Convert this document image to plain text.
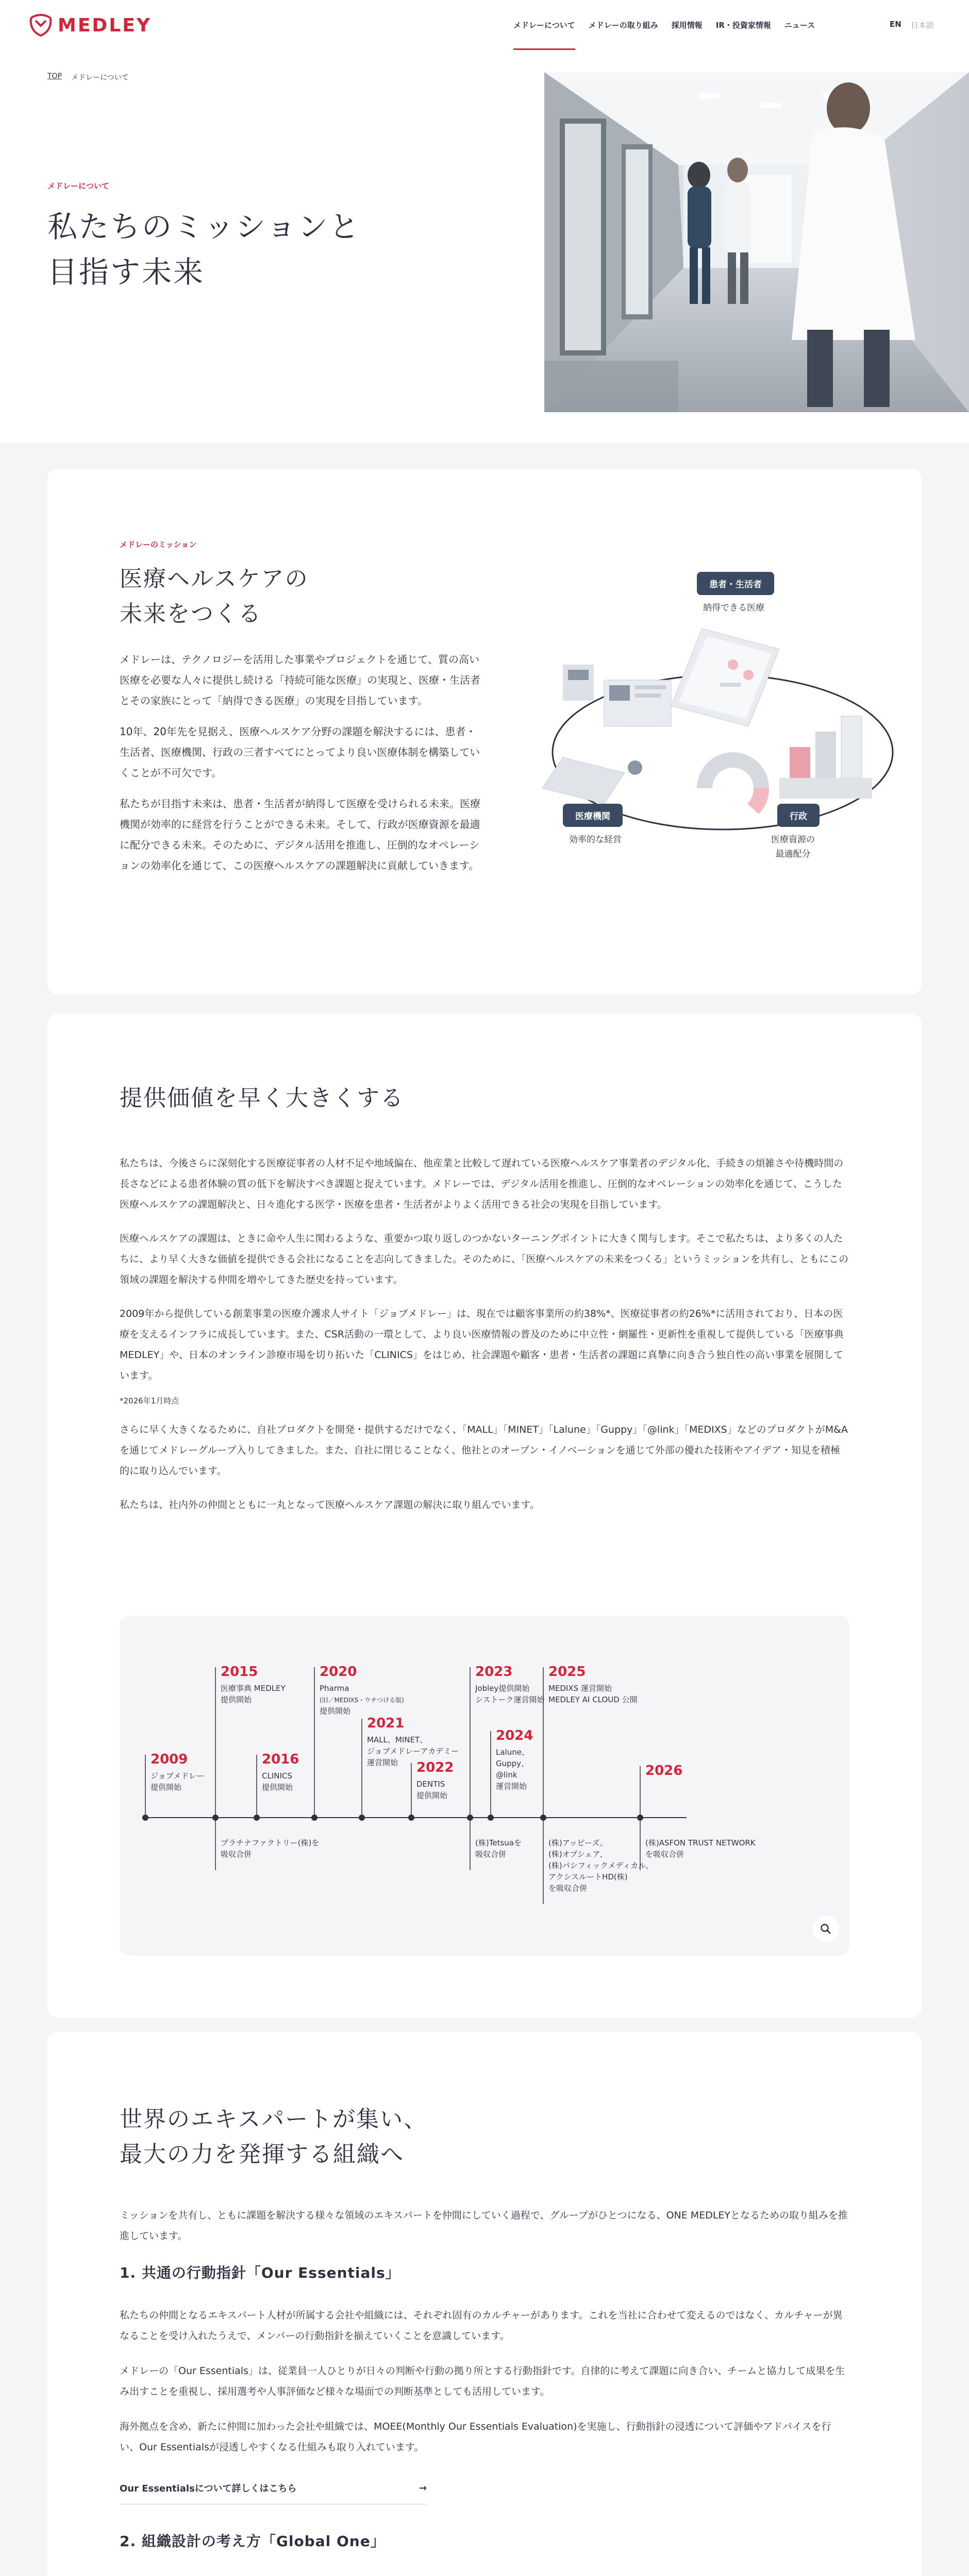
MEDLEY	メドレーについて メドレーの取り組み 採用情報 IR・投資家情報 ニュース	EN 日本語
TOP メドレーについて
メドレーについて
私たちのミッションと
目指す未来
メドレーのミッション
医療ヘルスケアの
未来をつくる

メドレーは、テクノロジーを活用した事業やプロジェクトを通じて、質の高い医療を必要な人々に提供し続ける「持続可能な医療」の実現と、医療・生活者とその家族にとって「納得できる医療」の実現を目指しています。

10年、20年先を見据え、医療ヘルスケア分野の課題を解決するには、患者・生活者、医療機関、行政の三者すべてにとってより良い医療体制を構築していくことが不可欠です。

私たちが目指す未来は、患者・生活者が納得して医療を受けられる未来。医療機関が効率的に経営を行うことができる未来。そして、行政が医療資源を最適に配分できる未来。そのために、デジタル活用を推進し、圧倒的なオペレーションの効率化を通じて、この医療ヘルスケアの課題解決に貢献していきます。

患者・生活者
納得できる医療
医療機関
効率的な経営
行政
医療資源の
最適配分
提供価値を早く大きくする

私たちは、今後さらに深刻化する医療従事者の人材不足や地域偏在、他産業と比較して遅れている医療ヘルスケア事業者のデジタル化、手続きの煩雑さや待機時間の長さなどによる患者体験の質の低下を解決すべき課題と捉えています。メドレーでは、デジタル活用を推進し、圧倒的なオペレーションの効率化を通じて、こうした医療ヘルスケアの課題解決と、日々進化する医学・医療を患者・生活者がよりよく活用できる社会の実現を目指しています。

医療ヘルスケアの課題は、ときに命や人生に関わるような、重要かつ取り返しのつかないターニングポイントに大きく関与します。そこで私たちは、より多くの人たちに、より早く大きな価値を提供できる会社になることを志向してきました。そのために、「医療ヘルスケアの未来をつくる」というミッションを共有し、ともにこの領域の課題を解決する仲間を増やしてきた歴史を持っています。

2009年から提供している創業事業の医療介護求人サイト「ジョブメドレー」は、現在では顧客事業所の約38%*、医療従事者の約26%*に活用されており、日本の医療を支えるインフラに成長しています。また、CSR活動の一環として、より良い医療情報の普及のために中立性・網羅性・更新性を重視して提供している「医療事典MEDLEY」や、日本のオンライン診療市場を切り拓いた「CLINICS」をはじめ、社会課題や顧客・患者・生活者の課題に真摯に向き合う独自性の高い事業を展開しています。

*2026年1月時点

さらに早く大きくなるために、自社プロダクトを開発・提供するだけでなく、「MALL」「MINET」「Lalune」「Guppy」「@link」「MEDIXS」などのプロダクトがM&Aを通じてメドレーグループ入りしてきました。また、自社に閉じることなく、他社とのオープン・イノベーションを通じて外部の優れた技術やアイデア・知見を積極的に取り込んでいます。

私たちは、社内外の仲間とともに一丸となって医療ヘルスケア課題の解決に取り組んでいます。

2009
ジョブメドレー
提供開始

2015
医療事典 MEDLEY
提供開始

2016
CLINICS
提供開始

2020
Pharma
(旧／MEDIXS・ウチつける版)
提供開始

2021
MALL、MINET、
ジョブメドレーアカデミー
運営開始	2022
DENTIS
提供開始

2023
Jobley提供開始
シストーク運営開始

2024
Lalune、
Guppy、
@link
運営開始

2025
MEDIXS 運営開始
MEDLEY AI CLOUD 公開

2026
プラチナファクトリー(株)を
吸収合併

(株)Tetsuaを
吸収合併

(株)アッピーズ、
(株)オプシェア、
(株)パシフィックメディカル、
アクシスルートHD(株)
を吸収合併

(株)ASFON TRUST NETWORK
を吸収合併

世界のエキスパートが集い、
最大の力を発揮する組織へ

ミッションを共有し、ともに課題を解決する様々な領域のエキスパートを仲間にしていく過程で、グループがひとつになる、ONE MEDLEYとなるための取り組みを推進しています。

1. 共通の行動指針「Our Essentials」

私たちの仲間となるエキスパート人材が所属する会社や組織には、それぞれ固有のカルチャーがあります。これを当社に合わせて変えるのではなく、カルチャーが異なることを受け入れたうえで、メンバーの行動指針を揃えていくことを意識しています。

メドレーの「Our Essentials」は、従業員一人ひとりが日々の判断や行動の拠り所とする行動指針です。自律的に考えて課題に向き合い、チームと協力して成果を生み出すことを重視し、採用選考や人事評価など様々な場面での判断基準としても活用しています。

海外拠点を含め、新たに仲間に加わった会社や組織では、MOEE(Monthly Our Essentials Evaluation)を実施し、行動指針の浸透について評価やアドバイスを行い、Our Essentialsが浸透しやすくなる仕組みも取り入れています。

Our Essentialsについて詳しくはこちら	→
2. 組織設計の考え方「Global One」
